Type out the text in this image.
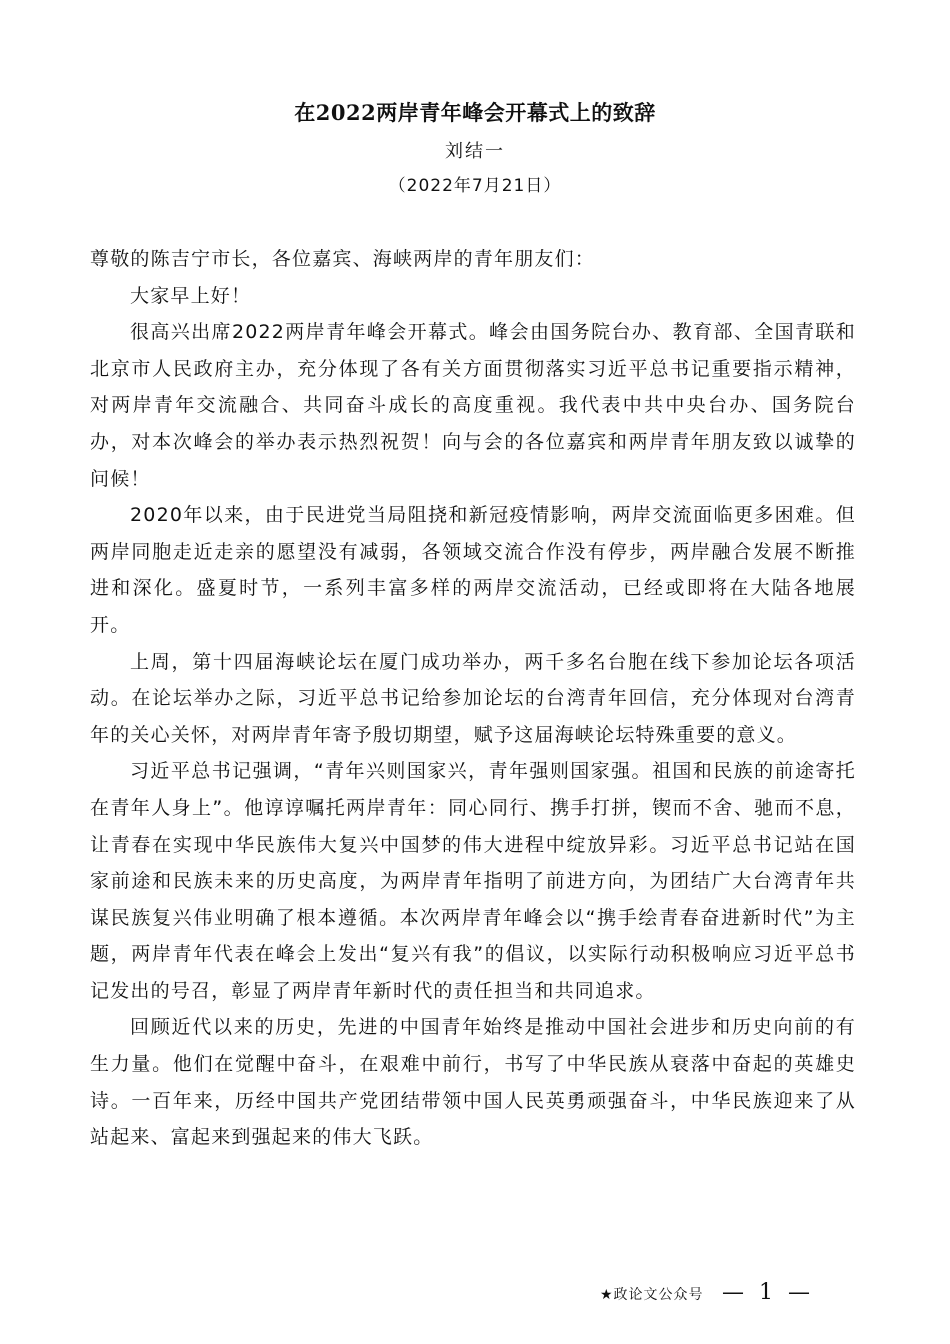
在2022两岸青年峰会开幕式上的致辞
刘结一
（2022年7月21日）

尊敬的陈吉宁市长，各位嘉宾、海峡两岸的青年朋友们：

大家早上好！

很高兴出席2022两岸青年峰会开幕式。峰会由国务院台办、教育部、全国青联和北京市人民政府主办，充分体现了各有关方面贯彻落实习近平总书记重要指示精神，对两岸青年交流融合、共同奋斗成长的高度重视。我代表中共中央台办、国务院台办，对本次峰会的举办表示热烈祝贺！向与会的各位嘉宾和两岸青年朋友致以诚挚的问候！

2020年以来，由于民进党当局阻挠和新冠疫情影响，两岸交流面临更多困难。但两岸同胞走近走亲的愿望没有减弱，各领域交流合作没有停步，两岸融合发展不断推进和深化。盛夏时节，一系列丰富多样的两岸交流活动，已经或即将在大陆各地展开。

上周，第十四届海峡论坛在厦门成功举办，两千多名台胞在线下参加论坛各项活动。在论坛举办之际，习近平总书记给参加论坛的台湾青年回信，充分体现对台湾青年的关心关怀，对两岸青年寄予殷切期望，赋予这届海峡论坛特殊重要的意义。

习近平总书记强调，“青年兴则国家兴，青年强则国家强。祖国和民族的前途寄托在青年人身上”。他谆谆嘱托两岸青年：同心同行、携手打拼，锲而不舍、驰而不息，让青春在实现中华民族伟大复兴中国梦的伟大进程中绽放异彩。习近平总书记站在国家前途和民族未来的历史高度，为两岸青年指明了前进方向，为团结广大台湾青年共谋民族复兴伟业明确了根本遵循。本次两岸青年峰会以“携手绘青春奋进新时代”为主题，两岸青年代表在峰会上发出“复兴有我”的倡议，以实际行动积极响应习近平总书记发出的号召，彰显了两岸青年新时代的责任担当和共同追求。

回顾近代以来的历史，先进的中国青年始终是推动中国社会进步和历史向前的有生力量。他们在觉醒中奋斗，在艰难中前行，书写了中华民族从衰落中奋起的英雄史诗。一百年来，历经中国共产党团结带领中国人民英勇顽强奋斗，中华民族迎来了从站起来、富起来到强起来的伟大飞跃。

★政论文公众号 — 1 —
